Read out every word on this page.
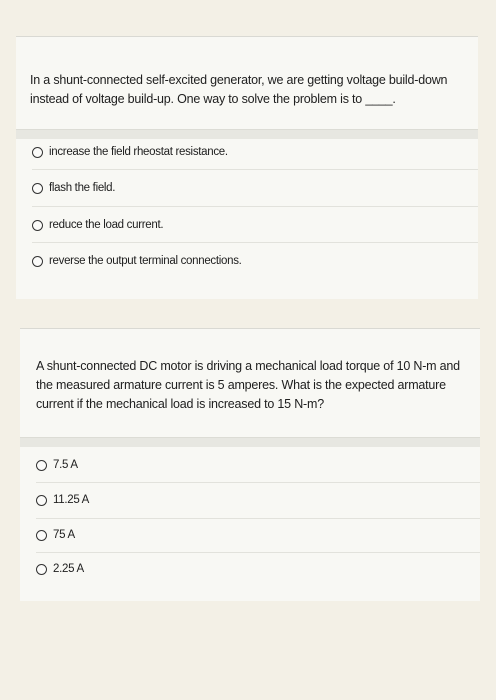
In a shunt-connected self-excited generator, we are getting voltage build-down instead of voltage build-up. One way to solve the problem is to ____.
increase the field rheostat resistance.
flash the field.
reduce the load current.
reverse the output terminal connections.
A shunt-connected DC motor is driving a mechanical load torque of 10 N-m and the measured armature current is 5 amperes. What is the expected armature current if the mechanical load is increased to 15 N-m?
7.5 A
11.25 A
75 A
2.25 A
